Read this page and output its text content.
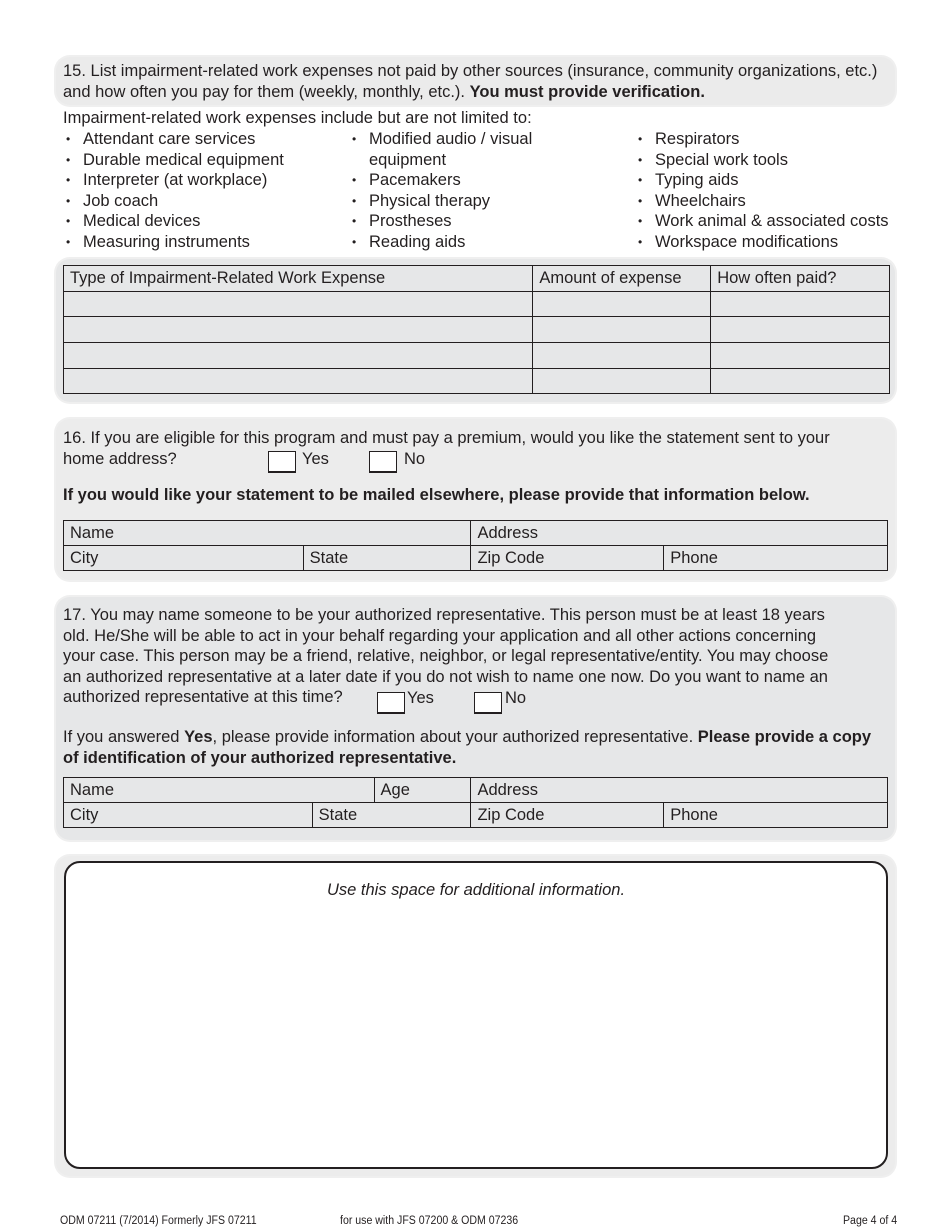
15. List impairment-related work expenses not paid by other sources (insurance, community organizations, etc.) and how often you pay for them (weekly, monthly, etc.). You must provide verification.
Impairment-related work expenses include but are not limited to:
• Attendant care services
• Durable medical equipment
• Interpreter (at workplace)
• Job coach
• Medical devices
• Measuring instruments
• Modified audio / visual
equipment
• Pacemakers
• Physical therapy
• Prostheses
• Reading aids
• Respirators
• Special work tools
• Typing aids
• Wheelchairs
• Work animal & associated costs
• Workspace modifications
Type of Impairment-Related Work Expense	Amount of expense	How often paid?

16. If you are eligible for this program and must pay a premium, would you like the statement sent to your
home address?	Yes	No
If you would like your statement to be mailed elsewhere, please provide that information below.
Name		Address	
City	State	Zip Code	Phone
17. You may name someone to be your authorized representative. This person must be at least 18 years
old. He/She will be able to act in your behalf regarding your application and all other actions concerning
your case. This person may be a friend, relative, neighbor, or legal representative/entity. You may choose
an authorized representative at a later date if you do not wish to name one now. Do you want to name an
authorized representative at this time?	Yes	No
If you answered Yes, please provide information about your authorized representative. Please provide a copy of identification of your authorized representative.
Name		Age	Address	
City	State		Zip Code	Phone
Use this space for additional information.
ODM 07211 (7/2014) Formerly JFS 07211	for use with JFS 07200 & ODM 07236	Page 4 of 4
